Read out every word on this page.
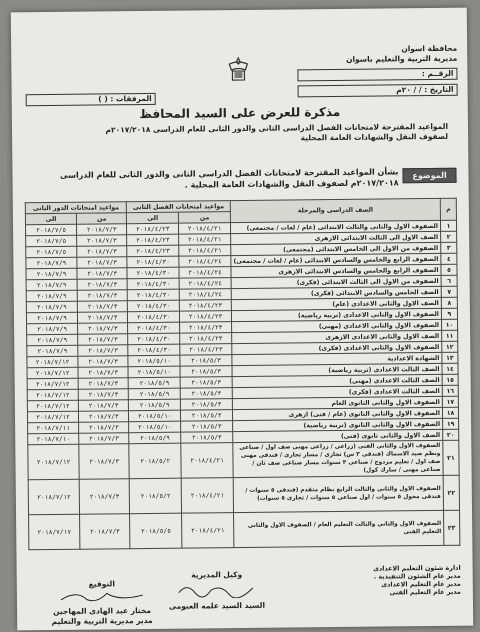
محافظة اسوان
مديرية التربية والتعليم باسوان
الرقــم :
التاريخ : / / ٢٠م
المرفقات : ( )
مذكرة للعرض على السيد المحافظ
المواعيد المقترحة لامتحانات الفصل الدراسى الثانى والدور الثانى للعام الدراسى ٢٠١٧/٢٠١٨م
لصفوف النقل والشهادات العامة المحلية
الموضوع
بشأن المواعيد المقترحة لامتحانات الفصل الدراسى الثانى والدور الثانى للعام الدراسى
٢٠١٧/٢٠١٨م لصفوف النقل والشهادات العامة المحلية .
م	الصف الدراسى والمرحلة	مواعيد امتحانات الفصل الثانى		مواعيد امتحانات الدور الثانى	
		من	الى	من	الى
١	الصفوف الاول والثانى والثالث الابتدائى (عام / لغات / مجتمعى)	٢٠١٨/٤/٢١	٢٠١٨/٤/٢٣	٢٠١٨/٧/٣	٢٠١٨/٧/٥
٢	الصف الاول الى الثالث الابتدائى الازهرى	٢٠١٨/٤/٢١	٢٠١٨/٤/٢٣	٢٠١٨/٧/٣	٢٠١٨/٧/٥
٣	الصفوف من الاول الى الخامس الابتدائى (مجتمعى)	٢٠١٨/٤/٢١	٢٠١٨/٤/٢٣	٢٠١٨/٧/٣	٢٠١٨/٧/٥
٤	الصفوف الرابع والخامس والسادس الابتدائى (عام / لغات / مجتمعى)	٢٠١٨/٤/٢٤	٢٠١٨/٤/٣٠	٢٠١٨/٧/٣	٢٠١٨/٧/٩
٥	الصفوف الرابع والخامس والسادس الابتدائى الازهرى	٢٠١٨/٤/٢٤	٢٠١٨/٤/٣٠	٢٠١٨/٧/٣	٢٠١٨/٧/٩
٦	الصفوف من الاول الى الثالث الابتدائى (فكرى)	٢٠١٨/٤/٢٤	٢٠١٨/٤/٣٠	٢٠١٨/٧/٣	٢٠١٨/٧/٩
٧	الصف الخامس والسادس الابتدائى (فكرى)	٢٠١٨/٤/٢٤	٢٠١٨/٤/٣٠	٢٠١٨/٧/٣	٢٠١٨/٧/٩
٨	الصف الاول والثانى الاعدادى (عام)	٢٠١٨/٤/٢٣	٢٠١٨/٤/٣٠	٢٠١٨/٧/٣	٢٠١٨/٧/٩
٩	الصفوف الاول والثانى الاعدادى (تربية رياضية)	٢٠١٨/٤/٢٣	٢٠١٨/٤/٣٠	٢٠١٨/٧/٣	٢٠١٨/٧/٩
١٠	الصفوف الاول والثانى الاعدادى (مهنى)	٢٠١٨/٤/٢٣	٢٠١٨/٤/٣٠	٢٠١٨/٧/٣	٢٠١٨/٧/٩
١١	الصف الاول والثانى الاعدادى الازهرى	٢٠١٨/٤/٢٣	٢٠١٨/٤/٣٠	٢٠١٨/٧/٣	٢٠١٨/٧/٩
١٢	الصفوف الاول والثانى الاعدادى (فكرى)	٢٠١٨/٤/٢٣	٢٠١٨/٤/٣٠	٢٠١٨/٧/٣	٢٠١٨/٧/٩
١٣	الشهادة الاعدادية	٢٠١٨/٥/٣	٢٠١٨/٥/١٠	٢٠١٨/٧/٣	٢٠١٨/٧/١٢
١٤	الصف الثالث الاعدادى (تربية رياضية)	٢٠١٨/٥/٣	٢٠١٨/٥/١٠	٢٠١٨/٧/٣	٢٠١٨/٧/١٢
١٥	الصف الثالث الاعدادى (مهنى)	٢٠١٨/٥/٣	٢٠١٨/٥/٩	٢٠١٨/٧/٣	٢٠١٨/٧/١٢
١٦	الصف الثالث الاعدادى (فكرى)	٢٠١٨/٥/٣	٢٠١٨/٥/٩	٢٠١٨/٧/٣	٢٠١٨/٧/١٢
١٧	الصفوف الاول والثانى الثانوى العام	٢٠١٨/٥/٣	٢٠١٨/٥/٩	٢٠١٨/٧/٣	٢٠١٨/٧/١٢
١٨	الصفوف الاول والثانى الثانوى (عام / فنى) ازهرى	٢٠١٨/٥/٣	٢٠١٨/٥/١٠	٢٠١٨/٧/٣	٢٠١٨/٧/١٢
١٩	الصفوف الاول والثانى الثانوى (تربية رياضية)	٢٠١٨/٥/٣	٢٠١٨/٥/١٠	٢٠١٨/٧/٣	٢٠١٨/٧/١١
٢٠	الصف الاول والثانى ثانوى (فنى)	٢٠١٨/٥/٣	٢٠١٨/٥/٩	٢٠١٨/٧/٣	٢٠١٨/٧/١٠
٢١	الصفوف الاول والثانى الفنى (زراعى / زراعى مهنى صف اول / صناعى ونظم صيد الاسماك (فندقى ٣ س) تجارى / مسار تجارى / فندقى مهنى صف اول / تعليم مزدوج / صناعى ٣ سنوات مسار صناعى صف ثان / صناعى مهنى / سارك كول)	٢٠١٨/٤/٢١	٢٠١٨/٥/٢	٢٠١٨/٧/٣	٢٠١٨/٧/١٢
٢٢	الصفوف الاول والثانى والثالث الرابع نظام متقدم (فندقى ٥ سنوات / فندقى محول ٥ سنوات / اول صناعى ٥ سنوات / تجارى ٥ سنوات)	٢٠١٨/٤/٢١	٢٠١٨/٥/٢	٢٠١٨/٧/٣	٢٠١٨/٧/١٢
٢٣	الصفوف الاول والثانى والثالث التعليم العام / الصفوف الاول والثانى التعليم الفنى	٢٠١٨/٤/٢١	٢٠١٨/٥/٥	٢٠١٨/٧/٣	٢٠١٨/٧/١٧
ادارة شئون التعليم الاعدادى
مدير عام الشئون التنفيذية .
مدير عام التعليم الاعدادى
مدير عام التعليم الفنى
وكيل المديرية
السيد السيد علمه العبومى
التوقيع
مختار عبد الهادى المهاجين
مدير مديرية التربية والتعليم
